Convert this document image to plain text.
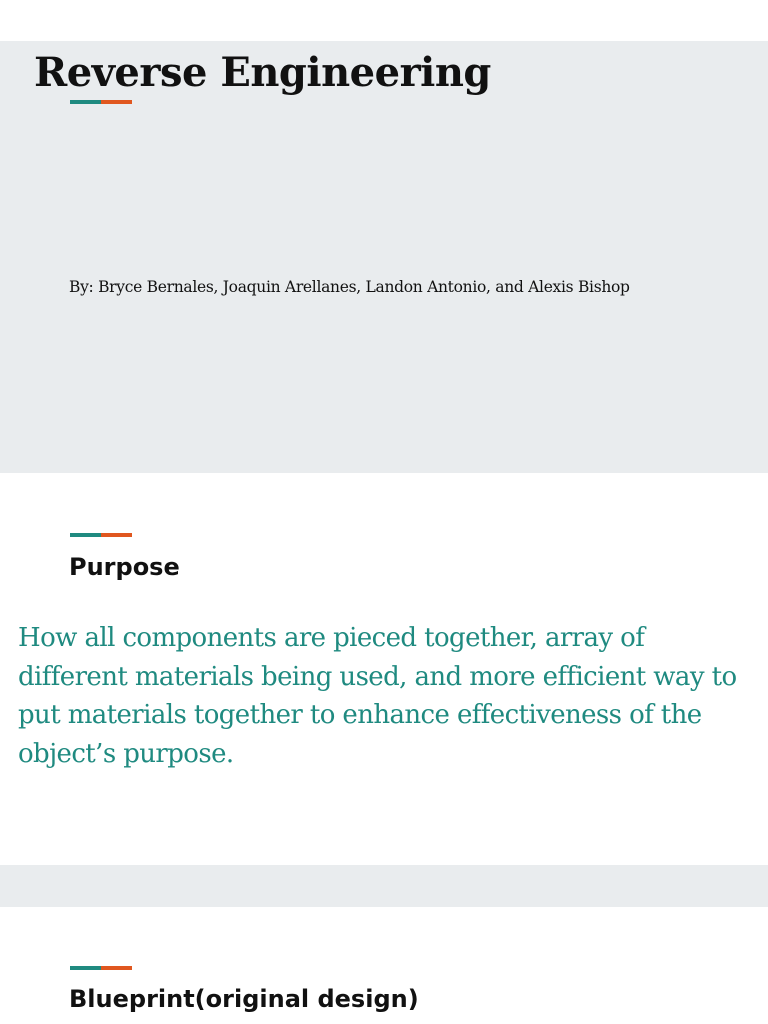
Reverse Engineering

By: Bryce Bernales, Joaquin Arellanes, Landon Antonio, and Alexis Bishop

Purpose

How all components are pieced together, array of different materials being used, and more efficient way to put materials together to enhance effectiveness of the object’s purpose.

Blueprint(original design)
